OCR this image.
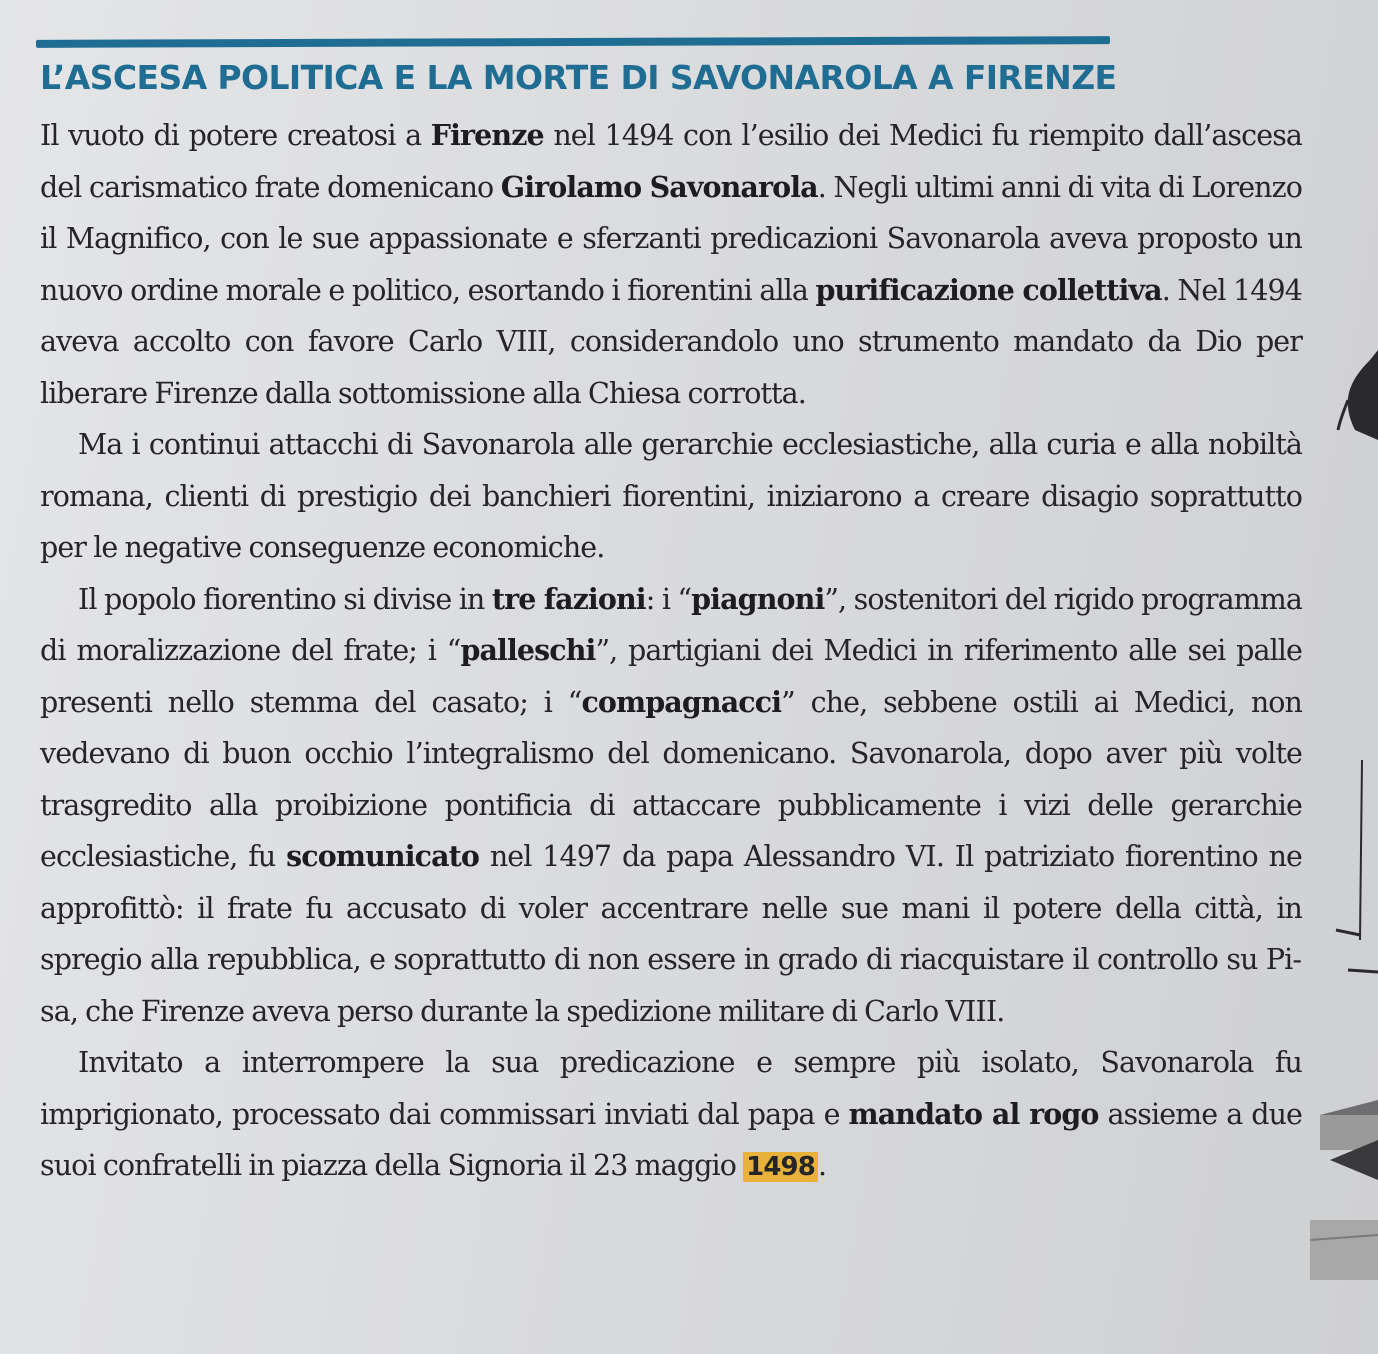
L’ASCESA POLITICA E LA MORTE DI SAVONAROLA A FIRENZE

Il vuoto di potere creatosi a Firenze nel 1494 con l’esilio dei Medici fu riempito dall’ascesa del carismatico frate domenicano Girolamo Savonarola. Negli ultimi anni di vita di Lorenzo il Magnifico, con le sue appassionate e sferzanti predicazioni Savonarola aveva proposto un nuovo ordine morale e politico, esortando i fiorentini alla purificazione collettiva. Nel 1494 aveva accolto con favore Carlo VIII, considerandolo uno strumento mandato da Dio per liberare Firenze dalla sottomissione alla Chiesa corrotta.

Ma i continui attacchi di Savonarola alle gerarchie ecclesiastiche, alla curia e alla nobiltà romana, clienti di prestigio dei banchieri fiorentini, iniziarono a creare disagio soprattutto per le negative conseguenze economiche.

Il popolo fiorentino si divise in tre fazioni: i “piagnoni”, sostenitori del rigido programma di moralizzazione del frate; i “palleschi”, partigiani dei Medici in riferimento alle sei palle presenti nello stemma del casato; i “compagnacci” che, sebbene ostili ai Medici, non vedevano di buon occhio l’integralismo del domenicano. Savonarola, dopo aver più volte trasgredito alla proibizione pontificia di attaccare pubblicamente i vizi delle gerarchie ecclesiastiche, fu scomunicato nel 1497 da papa Alessandro VI. Il patriziato fiorentino ne approfittò: il frate fu accusato di voler accentrare nelle sue mani il potere della città, in spregio alla repubblica, e soprattutto di non essere in grado di riacquistare il controllo su Pisa, che Firenze aveva perso durante la spedizione militare di Carlo VIII.

Invitato a interrompere la sua predicazione e sempre più isolato, Savonarola fu imprigionato, processato dai commissari inviati dal papa e mandato al rogo assieme a due suoi confratelli in piazza della Signoria il 23 maggio 1498 .
